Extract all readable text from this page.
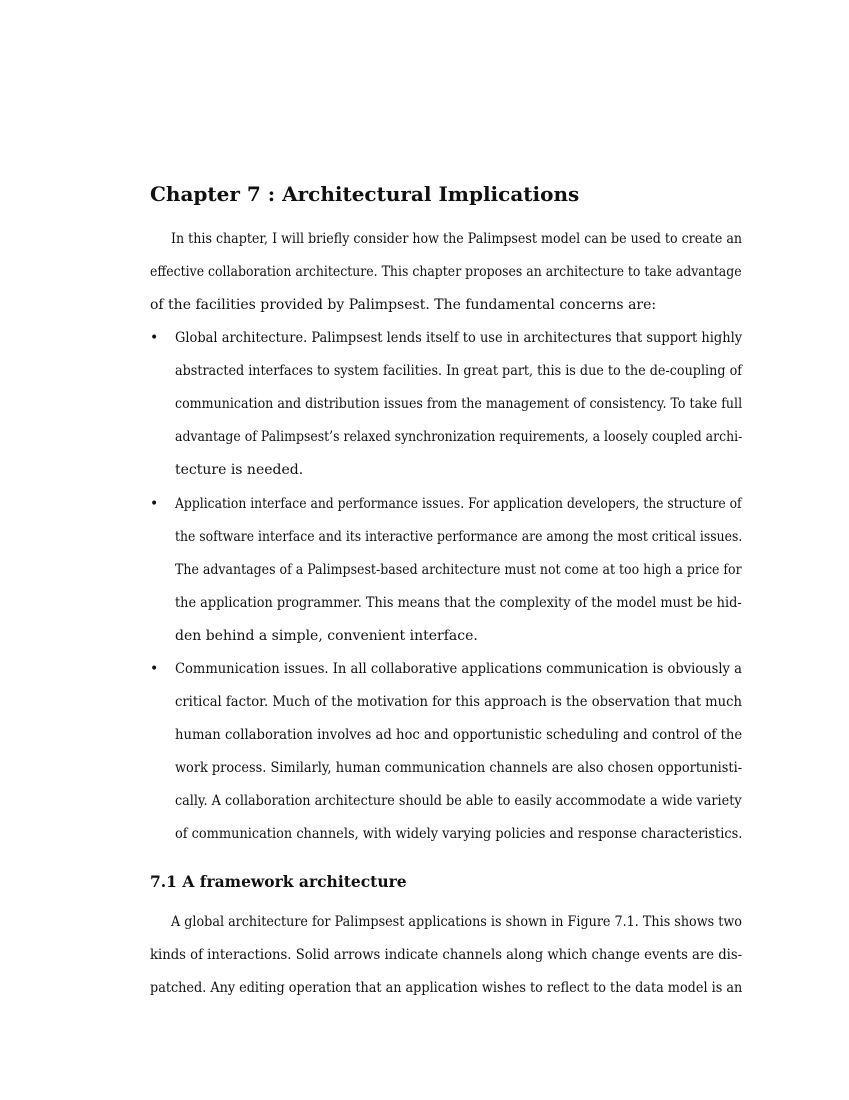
Chapter 7 : Architectural Implications
In this chapter, I will briefly consider how the Palimpsest model can be used to create an
effective collaboration architecture. This chapter proposes an architecture to take advantage
of the facilities provided by Palimpsest. The fundamental concerns are:
• Global architecture. Palimpsest lends itself to use in architectures that support highly
abstracted interfaces to system facilities. In great part, this is due to the de-coupling of
communication and distribution issues from the management of consistency. To take full
advantage of Palimpsest’s relaxed synchronization requirements, a loosely coupled archi-
tecture is needed.
• Application interface and performance issues. For application developers, the structure of
the software interface and its interactive performance are among the most critical issues.
The advantages of a Palimpsest-based architecture must not come at too high a price for
the application programmer. This means that the complexity of the model must be hid-
den behind a simple, convenient interface.
• Communication issues. In all collaborative applications communication is obviously a
critical factor. Much of the motivation for this approach is the observation that much
human collaboration involves ad hoc and opportunistic scheduling and control of the
work process. Similarly, human communication channels are also chosen opportunisti-
cally. A collaboration architecture should be able to easily accommodate a wide variety
of communication channels, with widely varying policies and response characteristics.
7.1 A framework architecture
A global architecture for Palimpsest applications is shown in Figure 7.1. This shows two
kinds of interactions. Solid arrows indicate channels along which change events are dis-
patched. Any editing operation that an application wishes to reflect to the data model is an
